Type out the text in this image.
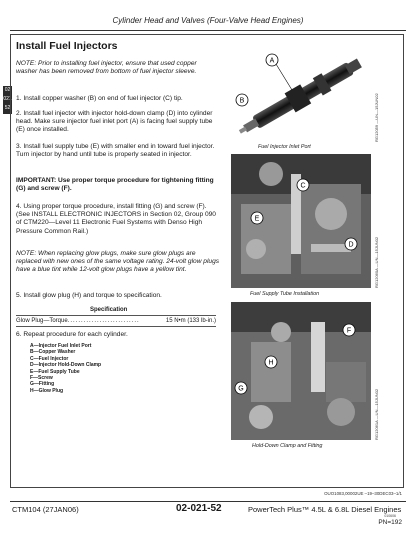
Cylinder Head and Valves (Four-Valve Head Engines)
02
021
52
Install Fuel Injectors
NOTE: Prior to installing fuel injector, ensure that used copper washer has been removed from bottom of fuel injector sleeve.
1. Install copper washer (B) on end of fuel injector (C) tip.
2. Install fuel injector with injector hold-down clamp (D) into cylinder head. Make sure injector fuel inlet port (A) is facing fuel supply tube (E) once installed.
3. Install fuel supply tube (E) with smaller end in toward fuel injector. Turn injector by hand until tube is properly seated in injector.
IMPORTANT: Use proper torque procedure for tightening fitting (G) and screw (F).
4. Using proper torque procedure, install fitting (G) and screw (F). (See INSTALL ELECTRONIC INJECTORS in Section 02, Group 090 of CTM220—Level 11 Electronic Fuel Systems with Denso High Pressure Common Rail.)
NOTE: When replacing glow plugs, make sure glow plugs are replaced with new ones of the same voltage rating. 24-volt glow plugs have a blue tint while 12-volt glow plugs have a yellow tint.
5. Install glow plug (H) and torque to specification.
Specification
Glow Plug—Torque...........................	15 N•m (133 lb-in.)
6. Repeat procedure for each cylinder.
A—Injector Fuel Inlet Port
B—Copper Washer
C—Fuel Injector
D—Injector Hold-Down Clamp
E—Fuel Supply Tube
F—Screw
G—Fitting
H—Glow Plug
A
B	RG12059 —UN—15JUN02
Fuel Injector Inlet Port
C
E
D	RG12060A —UN—15JUN02
Fuel Supply Tube Installation
F
H
G	RG12061A —UN—15JUN02
Hold-Down Clamp and Fitting
OUO1083,00002UE –19–30DEC03–1/1
CTM104 (27JAN06)	02-021-52	PowerTech Plus™ 4.5L & 6.8L Diesel Engines
010606
PN=192
